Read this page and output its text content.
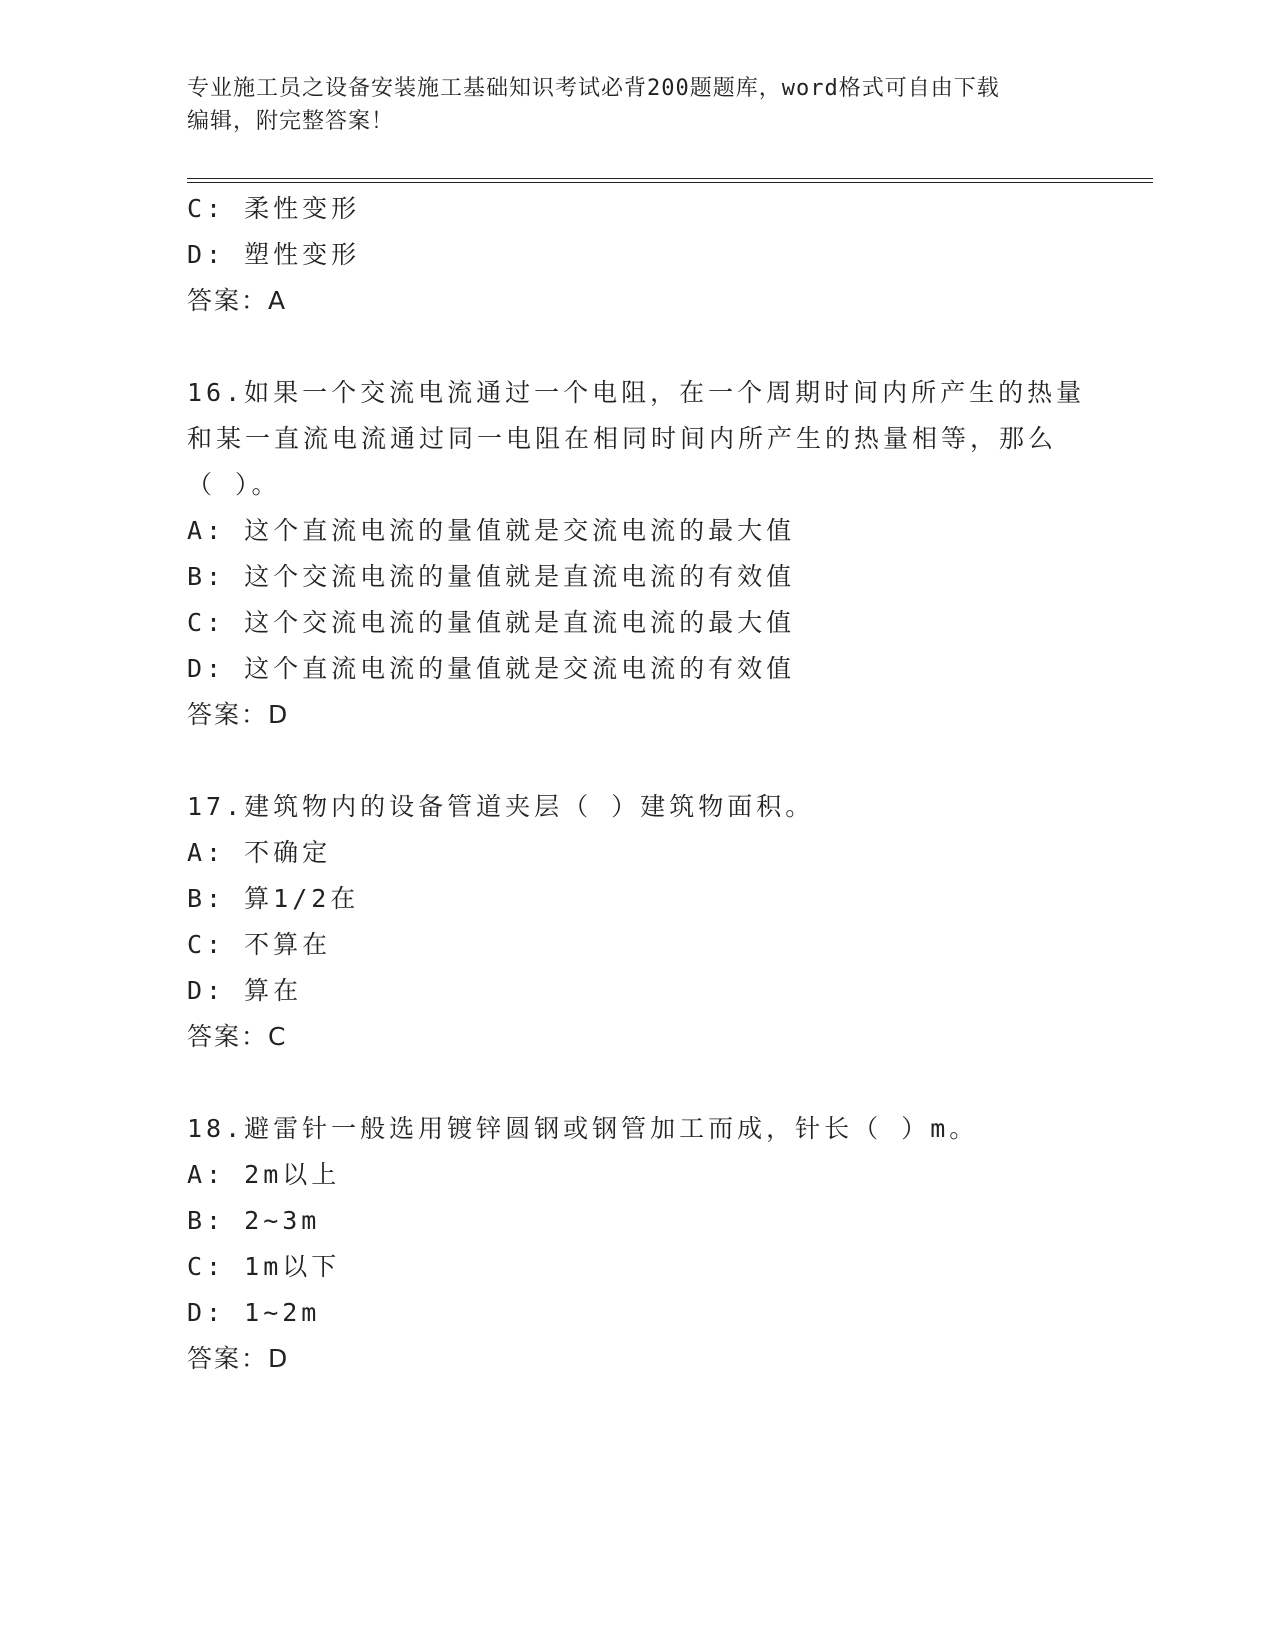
专业施工员之设备安装施工基础知识考试必背200题题库，word格式可自由下载
编辑，附完整答案！
C: 柔性变形
D: 塑性变形
答案：A
16.如果一个交流电流通过一个电阻，在一个周期时间内所产生的热量
和某一直流电流通过同一电阻在相同时间内所产生的热量相等，那么
（ ）。
A: 这个直流电流的量值就是交流电流的最大值
B: 这个交流电流的量值就是直流电流的有效值
C: 这个交流电流的量值就是直流电流的最大值
D: 这个直流电流的量值就是交流电流的有效值
答案：D
17.建筑物内的设备管道夹层（ ）建筑物面积。
A: 不确定
B: 算1/2在
C: 不算在
D: 算在
答案：C
18.避雷针一般选用镀锌圆钢或钢管加工而成，针长（ ）m。
A: 2m以上
B: 2~3m
C: 1m以下
D: 1~2m
答案：D
